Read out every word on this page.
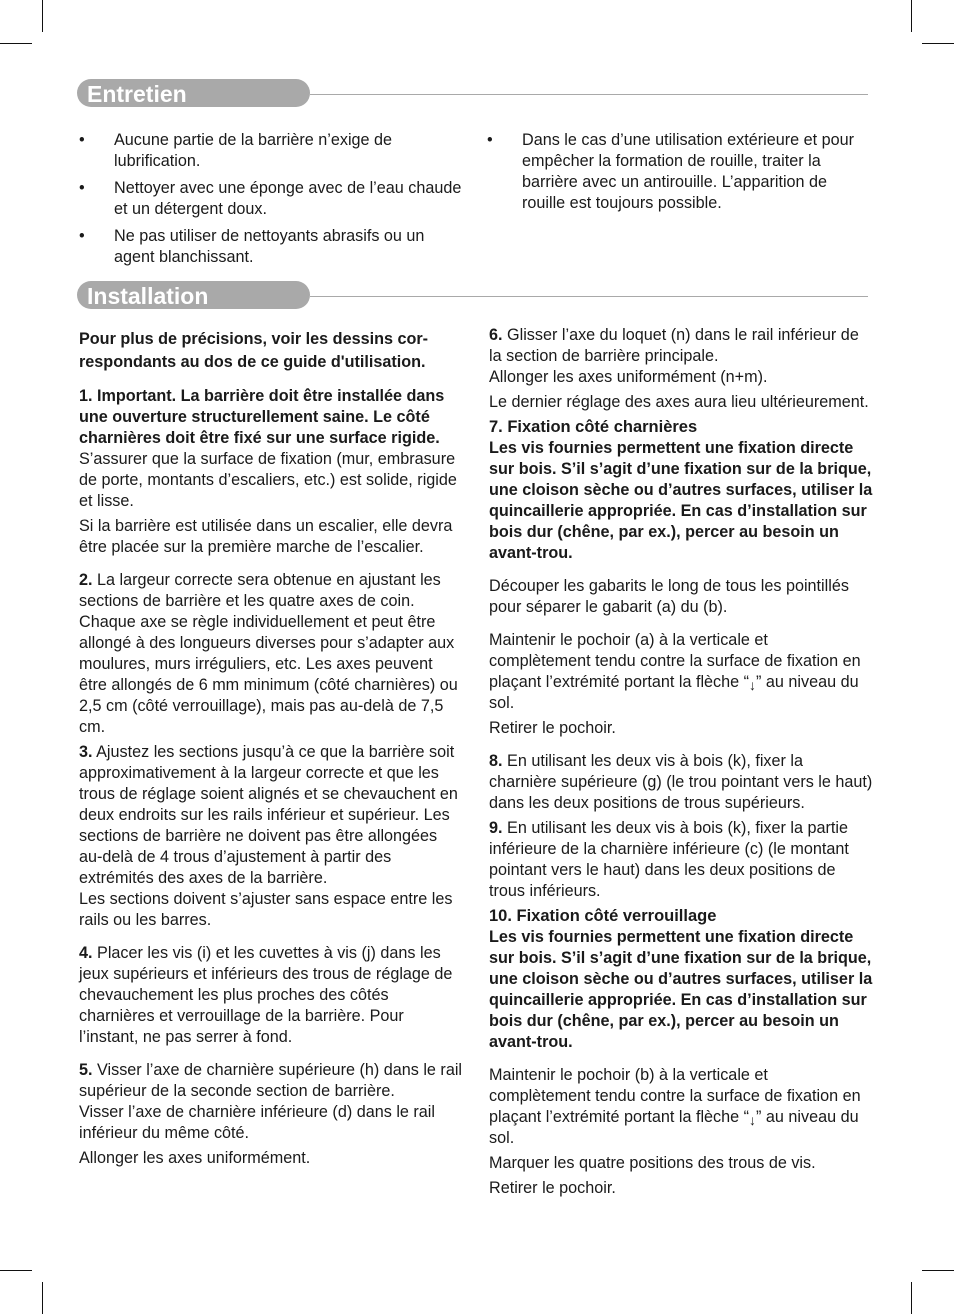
Entretien
• Aucune partie de la barrière n’exige de lubrification.
• Nettoyer avec une éponge avec de l’eau chaude et un détergent doux.
• Ne pas utiliser de nettoyants abrasifs ou un agent blanchissant.
• Dans le cas d’une utilisation extérieure et pour empêcher la formation de rouille, traiter la barrière avec un antirouille. L’apparition de rouille est toujours possible.
Installation

Pour plus de précisions, voir les dessins cor-respondants au dos de ce guide d'utilisation.

1. Important. La barrière doit être installée dans une ouverture structurellement saine. Le côté charnières doit être fixé sur une surface rigide.

S’assurer que la surface de fixation (mur, embrasure de porte, montants d’escaliers, etc.) est solide, rigide et lisse.

Si la barrière est utilisée dans un escalier, elle devra être placée sur la première marche de l’escalier.

2. La largeur correcte sera obtenue en ajustant les sections de barrière et les quatre axes de coin. Chaque axe se règle individuellement et peut être allongé à des longueurs diverses pour s’adapter aux moulures, murs irréguliers, etc. Les axes peuvent être allongés de 6 mm minimum (côté charnières) ou 2,5 cm (côté verrouillage), mais pas au-delà de 7,5 cm.

3. Ajustez les sections jusqu’à ce que la barrière soit approximativement à la largeur correcte et que les trous de réglage soient alignés et se chevauchent en deux endroits sur les rails inférieur et supérieur. Les sections de barrière ne doivent pas être allongées au-delà de 4 trous d’ajustement à partir des extrémités des axes de la barrière.

Les sections doivent s’ajuster sans espace entre les rails ou les barres.

4. Placer les vis (i) et les cuvettes à vis (j) dans les jeux supérieurs et inférieurs des trous de réglage de chevauchement les plus proches des côtés charnières et verrouillage de la barrière. Pour l’instant, ne pas serrer à fond.

5. Visser l’axe de charnière supérieure (h) dans le rail supérieur de la seconde section de barrière.

Visser l’axe de charnière inférieure (d) dans le rail inférieur du même côté.

Allonger les axes uniformément.

6. Glisser l’axe du loquet (n) dans le rail inférieur de la section de barrière principale.

Allonger les axes uniformément (n+m).

Le dernier réglage des axes aura lieu ultérieurement.

7. Fixation côté charnières

Les vis fournies permettent une fixation directe sur bois. S’il s’agit d’une fixation sur de la brique, une cloison sèche ou d’autres surfaces, utiliser la quincaillerie appropriée. En cas d’installation sur bois dur (chêne, par ex.), percer au besoin un avant-trou.

Découper les gabarits le long de tous les pointillés pour séparer le gabarit (a) du (b).

Maintenir le pochoir (a) à la verticale et complètement tendu contre la surface de fixation en plaçant l’extrémité portant la flèche “↓” au niveau du sol.

Retirer le pochoir.

8. En utilisant les deux vis à bois (k), fixer la charnière supérieure (g) (le trou pointant vers le haut) dans les deux positions de trous supérieurs.

9. En utilisant les deux vis à bois (k), fixer la partie inférieure de la charnière inférieure (c) (le montant pointant vers le haut) dans les deux positions de trous inférieurs.

10. Fixation côté verrouillage

Les vis fournies permettent une fixation directe sur bois. S’il s’agit d’une fixation sur de la brique, une cloison sèche ou d’autres surfaces, utiliser la quincaillerie appropriée. En cas d’installation sur bois dur (chêne, par ex.), percer au besoin un avant-trou.

Maintenir le pochoir (b) à la verticale et complètement tendu contre la surface de fixation en plaçant l’extrémité portant la flèche “↓” au niveau du sol.

Marquer les quatre positions des trous de vis.

Retirer le pochoir.
